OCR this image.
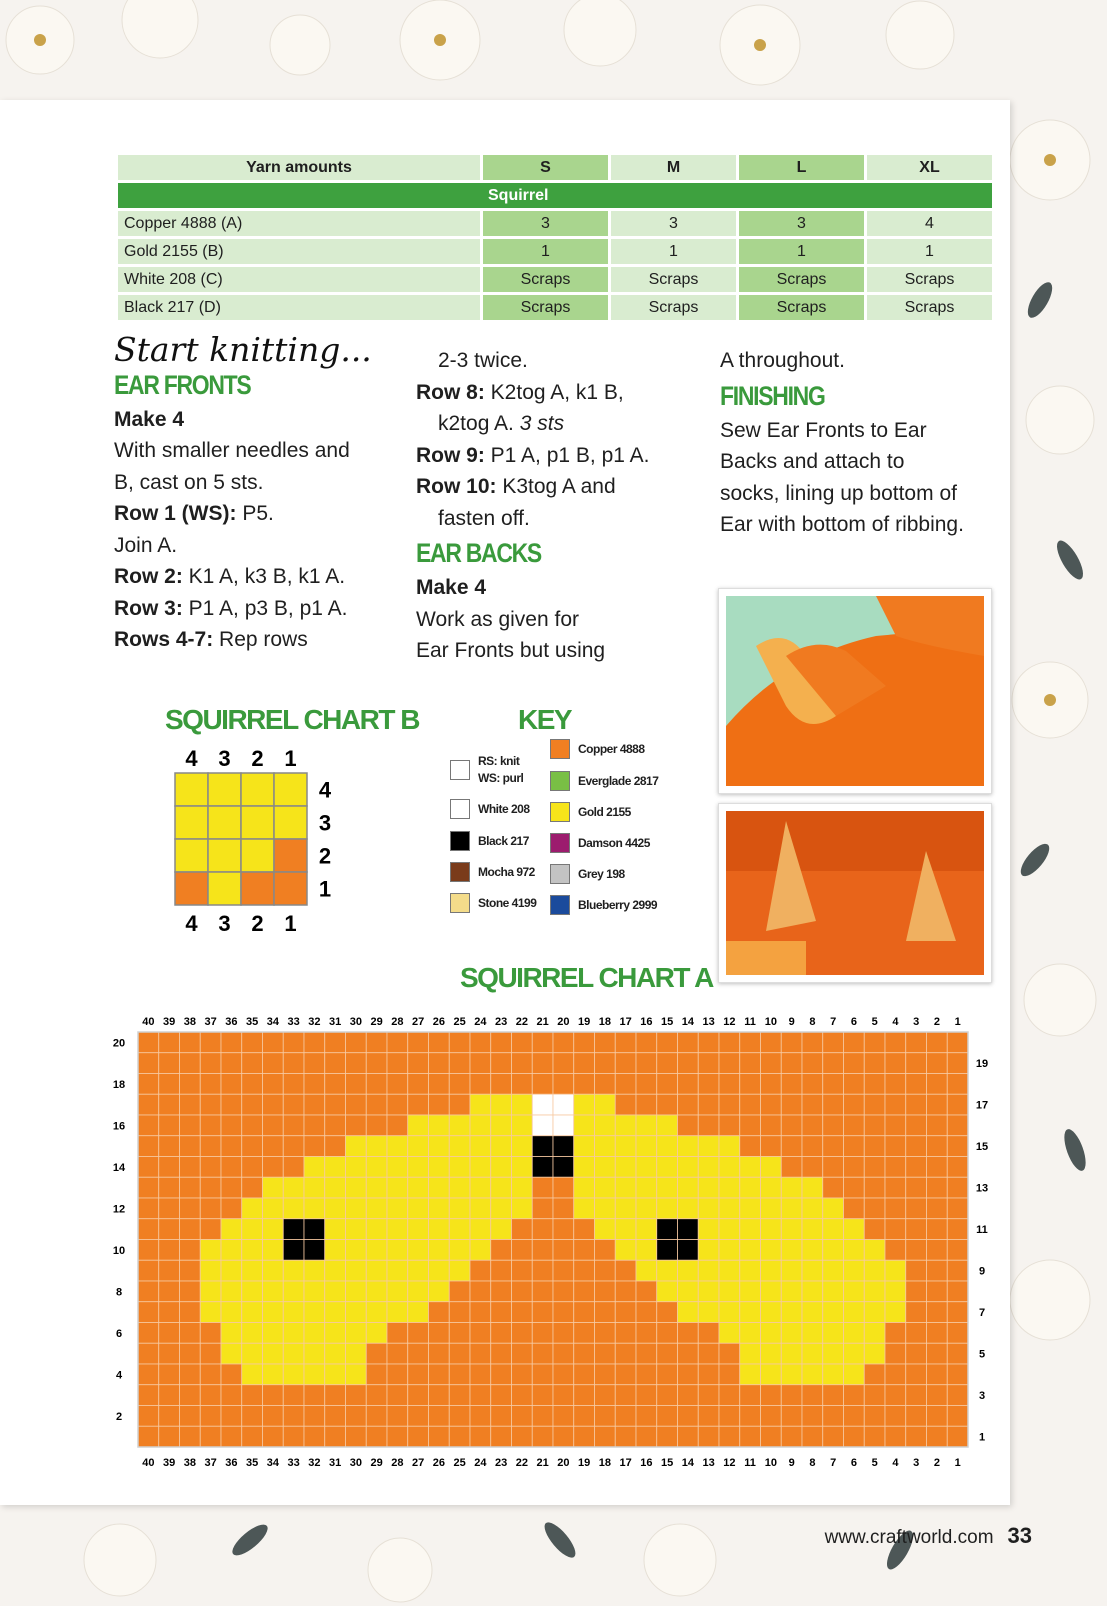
Yarn amounts	S	M	L	XL
Squirrel				
Copper 4888 (A)	3	3	3	4
Gold 2155 (B)	1	1	1	1
White 208 (C)	Scraps	Scraps	Scraps	Scraps
Black 217 (D)	Scraps	Scraps	Scraps	Scraps

Start knitting...

EAR FRONTS

Make 4

With smaller needles and

B, cast on 5 sts.

Row 1 (WS): P5.

Join A.

Row 2: K1 A, k3 B, k1 A.

Row 3: P1 A, p3 B, p1 A.

Rows 4-7: Rep rows

2-3 twice.

Row 8: K2tog A, k1 B,

k2tog A. 3 sts

Row 9: P1 A, p1 B, p1 A.

Row 10: K3tog A and

fasten off.

EAR BACKS

Make 4

Work as given for

Ear Fronts but using

A throughout.

FINISHING

Sew Ear Fronts to Ear

Backs and attach to

socks, lining up bottom of

Ear with bottom of ribbing.

SQUIRREL CHART B
4
4
3
3
2
2
1
1
4
3
2
1
KEY
RS: knit
WS: purl
White 208
Black 217
Mocha 972
Stone 4199
Copper 4888
Everglade 2817
Gold 2155
Damson 4425
Grey 198
Blueberry 2999
SQUIRREL CHART A
40 39 38 37 36 35 34 33 32 31 30 29 28 27 26 25 24 23 22 21 20 19 18 17 16 15 14 13 12 11 10 9 8 7 6 5 4 3 2 1
20
18
16
14
12
10
8
6
4
2
19
17
15
13
11
9
7
5
3
1
www.craftworld.com 33
40 39 38 37 36 35 34 33 32 31 30 29 28 27 26 25 24 23 22 21 20 19 18 17 16 15 14 13 12 11 10 9 8 7 6 5 4 3 2 1
